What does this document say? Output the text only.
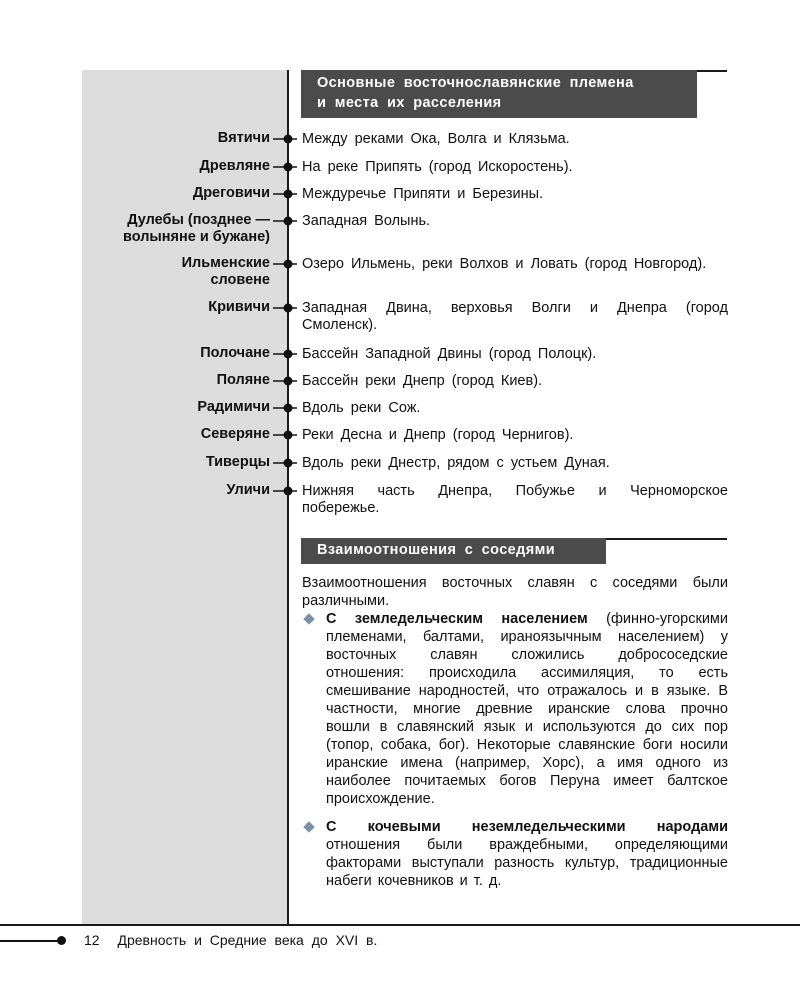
Основные восточнославянские племена
и места их расселения
Вятичи Между реками Ока, Волга и Клязьма.
Древляне На реке Припять (город Искоростень).
Дреговичи Междуречье Припяти и Березины.
Дулебы (позднее —
волыняне и бужане)
Западная Волынь.
Ильменские
словене
Озеро Ильмень, реки Волхов и Ловать (город Новгород).
Кривичи Западная Двина, верховья Волги и Днепра (город Смоленск).
Полочане Бассейн Западной Двины (город Полоцк).
Поляне Бассейн реки Днепр (город Киев).
Радимичи Вдоль реки Сож.
Северяне Реки Десна и Днепр (город Чернигов).
Тиверцы Вдоль реки Днестр, рядом с устьем Дуная.
Уличи Нижняя часть Днепра, Побужье и Черноморское побережье.
Взаимоотношения с соседями
Взаимоотношения восточных славян с соседями были различными.
С земледельческим населением (финно-угорскими племенами, балтами, ираноязычным населением) у восточных славян сложились добрососедские отношения: происходила ассимиляция, то есть смешивание народностей, что отражалось и в языке. В частности, многие древние иранские слова прочно вошли в славянский язык и используются до сих пор (топор, собака, бог). Некоторые славянские боги носили иранские имена (например, Хорс), а имя одного из наиболее почитаемых богов Перуна имеет балтское происхождение.
С кочевыми неземледельческими народами отношения были враждебными, определяющими факторами выступали разность культур, традиционные набеги кочевников и т. д.
12 Древность и Средние века до XVI в.
